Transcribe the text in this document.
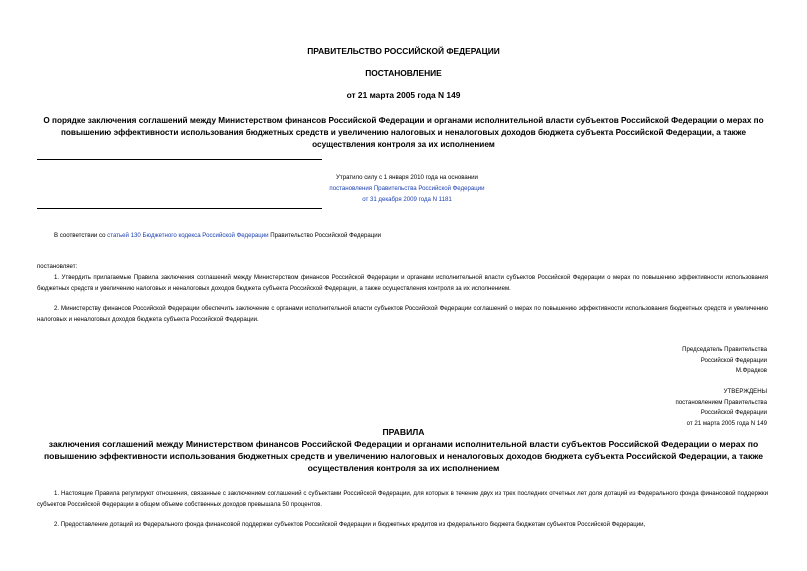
ПРАВИТЕЛЬСТВО РОССИЙСКОЙ ФЕДЕРАЦИИ
ПОСТАНОВЛЕНИЕ
от 21 марта 2005 года N 149
О порядке заключения соглашений между Министерством финансов Российской Федерации и органами исполнительной власти субъектов Российской Федерации о мерах по повышению эффективности использования бюджетных средств и увеличению налоговых и неналоговых доходов бюджета субъекта Российской Федерации, а также осуществления контроля за их исполнением
Утратило силу с 1 января 2010 года на основании
постановления Правительства Российской Федерации
от 31 декабря 2009 года N 1181
В соответствии со статьей 130 Бюджетного кодекса Российской Федерации Правительство Российской Федерации
постановляет:
1. Утвердить прилагаемые Правила заключения соглашений между Министерством финансов Российской Федерации и органами исполнительной власти субъектов Российской Федерации о мерах по повышению эффективности использования бюджетных средств и увеличению налоговых и неналоговых доходов бюджета субъекта Российской Федерации, а также осуществления контроля за их исполнением.
2. Министерству финансов Российской Федерации обеспечить заключение с органами исполнительной власти субъектов Российской Федерации соглашений о мерах по повышению эффективности использования бюджетных средств и увеличению налоговых и неналоговых доходов бюджета субъекта Российской Федерации.
Председатель Правительства
Российской Федерации
М.Фрадков
УТВЕРЖДЕНЫ
постановлением Правительства
Российской Федерации
от 21 марта 2005 года N 149
ПРАВИЛА
заключения соглашений между Министерством финансов Российской Федерации и органами исполнительной власти субъектов Российской Федерации о мерах по повышению эффективности использования бюджетных средств и увеличению налоговых и неналоговых доходов бюджета субъекта Российской Федерации, а также осуществления контроля за их исполнением
1. Настоящие Правила регулируют отношения, связанные с заключением соглашений с субъектами Российской Федерации, для которых в течение двух из трех последних отчетных лет доля дотаций из Федерального фонда финансовой поддержки субъектов Российской Федерации в общем объеме собственных доходов превышала 50 процентов.
2. Предоставление дотаций из Федерального фонда финансовой поддержки субъектов Российской Федерации и бюджетных кредитов из федерального бюджета бюджетам субъектов Российской Федерации,
